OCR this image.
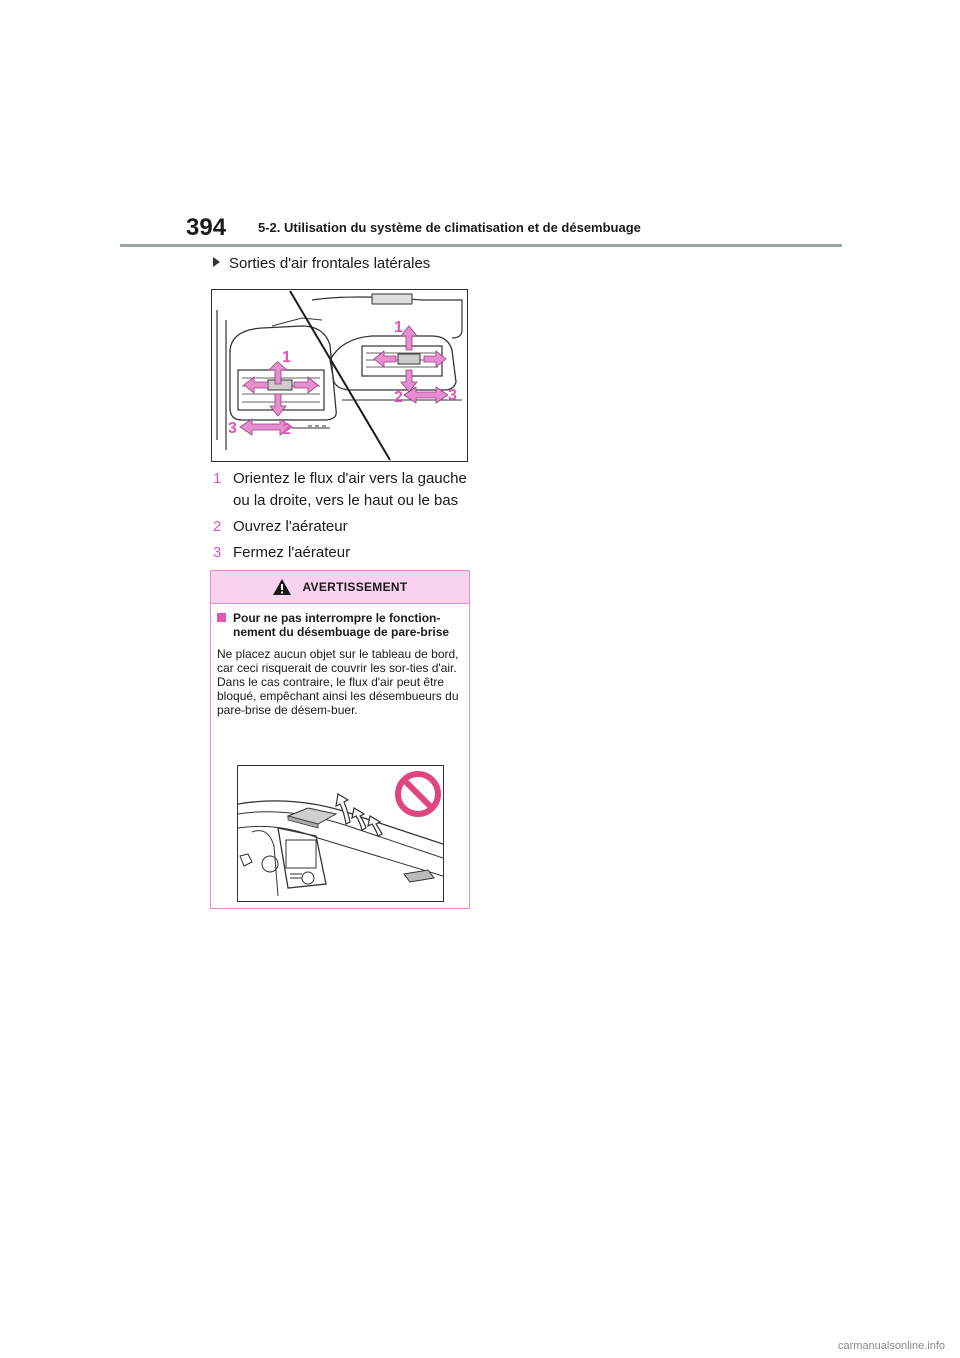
394 5-2. Utilisation du système de climatisation et de désembuage
Sorties d'air frontales latérales
1
1
2	3
3	2
1 Orientez le flux d'air vers la gauche ou la droite, vers le haut ou le bas
2 Ouvrez l'aérateur
3 Fermez l'aérateur
AVERTISSEMENT
Pour ne pas interrompre le fonction-nement du désembuage de pare-brise
Ne placez aucun objet sur le tableau de bord, car ceci risquerait de couvrir les sor-ties d'air. Dans le cas contraire, le flux d'air peut être bloqué, empêchant ainsi les désembueurs du pare-brise de désem-buer.
carmanualsonline.info
